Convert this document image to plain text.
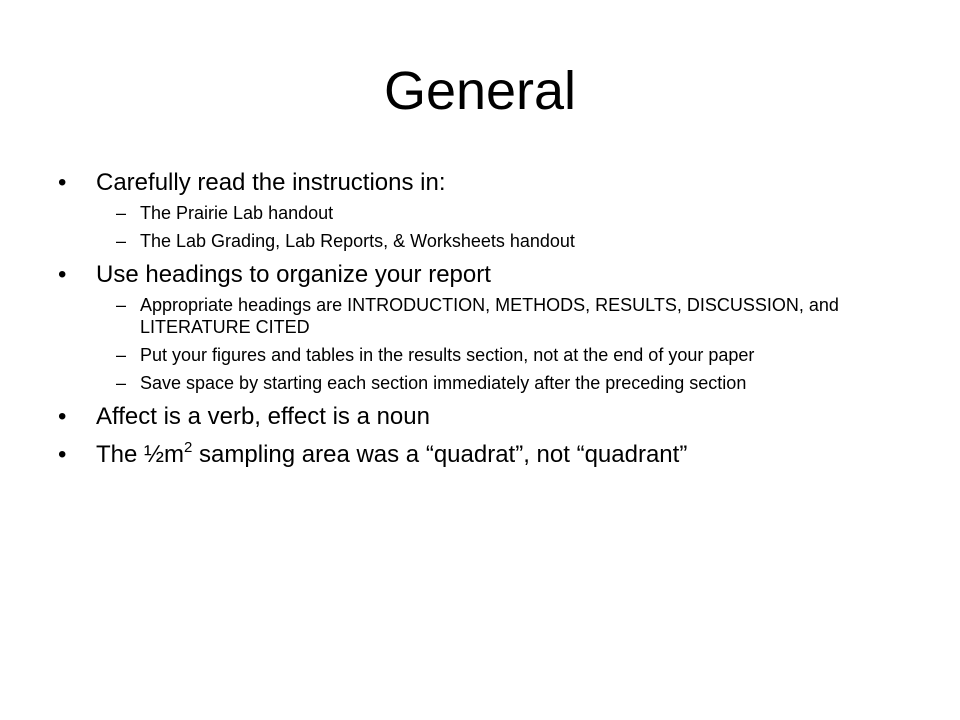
General
• Carefully read the instructions in:
– The Prairie Lab handout
– The Lab Grading, Lab Reports, & Worksheets handout
• Use headings to organize your report
– Appropriate headings are INTRODUCTION, METHODS, RESULTS, DISCUSSION, and LITERATURE CITED
– Put your figures and tables in the results section, not at the end of your paper
– Save space by starting each section immediately after the preceding section
• Affect is a verb, effect is a noun
• The $\frac{1}{2}m^2$ sampling area was a “quadrat”, not “quadrant”
